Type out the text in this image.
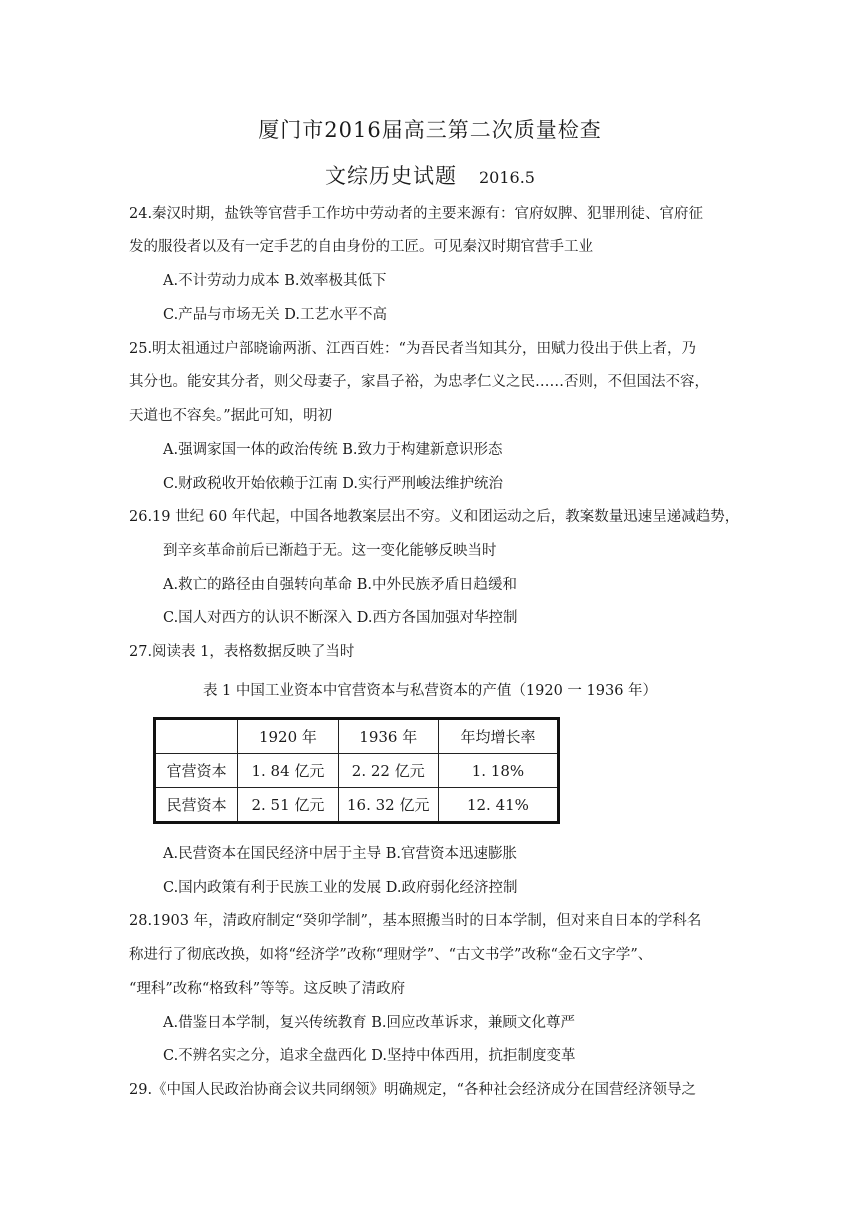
厦门市2016届高三第二次质量检查
文综历史试题 2016.5
24.秦汉时期，盐铁等官营手工作坊中劳动者的主要来源有：官府奴脾、犯罪刑徒、官府征
发的服役者以及有一定手艺的自由身份的工匠。可见秦汉时期官营手工业
A.不计劳动力成本 B.效率极其低下
C.产品与市场无关 D.工艺水平不高
25.明太祖通过户部晓谕两浙、江西百姓：“为吾民者当知其分，田赋力役出于供上者，乃
其分也。能安其分者，则父母妻子，家昌子裕，为忠孝仁义之民……否则，不但国法不容，
天道也不容矣。”据此可知，明初
A.强调家国一体的政治传统 B.致力于构建新意识形态
C.财政税收开始依赖于江南 D.实行严刑峻法维护统治
26.19 世纪 60 年代起，中国各地教案层出不穷。义和团运动之后，教案数量迅速呈递减趋势，
到辛亥革命前后已渐趋于无。这一变化能够反映当时
A.救亡的路径由自强转向革命 B.中外民族矛盾日趋缓和
C.国人对西方的认识不断深入 D.西方各国加强对华控制
27.阅读表 1，表格数据反映了当时
表 1 中国工业资本中官营资本与私营资本的产值（1920 一 1936 年）
	1920 年	1936 年	年均增长率
官营资本	1. 84 亿元	2. 22 亿元	1. 18%
民营资本	2. 51 亿元	16. 32 亿元	12. 41%
A.民营资本在国民经济中居于主导 B.官营资本迅速膨胀
C.国内政策有利于民族工业的发展 D.政府弱化经济控制
28.1903 年，清政府制定“癸卯学制”，基本照搬当时的日本学制，但对来自日本的学科名
称进行了彻底改换，如将“经济学”改称“理财学”、“古文书学”改称“金石文字学”、
“理科”改称“格致科”等等。这反映了清政府
A.借鉴日本学制，复兴传统教育 B.回应改革诉求，兼顾文化尊严
C.不辨名实之分，追求全盘西化 D.坚持中体西用，抗拒制度变革
29.《中国人民政治协商会议共同纲领》明确规定，“各种社会经济成分在国营经济领导之
